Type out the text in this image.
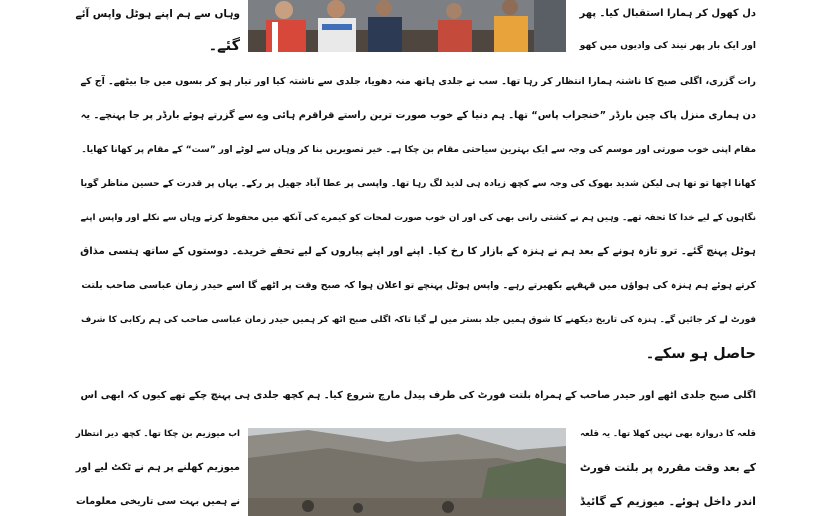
دل کھول کر ہمارا استقبال کیا۔ پھر
اور ایک بار پھر نیند کی وادیوں میں کھو
وہاں سے ہم اپنے ہوٹل واپس آئے
گئے۔
رات گزری، اگلی صبح کا ناشتہ ہمارا انتظار کر رہا تھا۔ سب نے جلدی ہاتھ منہ دھویا، جلدی سے ناشتہ کیا اور تیار ہو کر بسوں میں جا بیٹھے۔ آج کے
دن ہماری منزل پاک چین بارڈر ”خنجراب پاس“ تھا۔ ہم دنیا کے خوب صورت ترین راستے قراقرم ہائی وے سے گزرتے ہوئے بارڈر پر جا پہنچے۔ یہ
مقام اپنی خوب صورتی اور موسم کی وجہ سے ایک بہترین سیاحتی مقام بن چکا ہے۔ خیر تصویریں بنا کر وہاں سے لوٹے اور ”ست“ کے مقام پر کھانا کھایا۔
کھانا اچھا تو تھا ہی لیکن شدید بھوک کی وجہ سے کچھ زیادہ ہی لذیذ لگ رہا تھا۔ واپسی پر عطا آباد جھیل پر رکے۔ یہاں پر قدرت کے حسین مناظر گویا
نگاہوں کے لیے خدا کا تحفہ تھے۔ وہیں ہم نے کشتی رانی بھی کی اور ان خوب صورت لمحات کو کیمرے کی آنکھ میں محفوظ کرتے وہاں سے نکلے اور واپس اپنے
ہوٹل پہنچ گئے۔ ترو تازہ ہونے کے بعد ہم نے ہنزہ کے بازار کا رخ کیا۔ اپنے اور اپنے پیاروں کے لیے تحفے خریدے۔ دوستوں کے ساتھ ہنسی مذاق
کرتے ہوئے ہم ہنزہ کی ہواؤں میں قہقہے بکھیرتے رہے۔ واپس ہوٹل پہنچے تو اعلان ہوا کہ صبح وقت پر اٹھے گا اسے حیدر زمان عباسی صاحب بلتت
فورٹ لے کر جائیں گے۔ ہنزہ کی تاریخ دیکھنے کا شوق ہمیں جلد بستر میں لے گیا تاکہ اگلی صبح اٹھ کر ہمیں حیدر زمان عباسی صاحب کی ہم رکابی کا شرف
حاصل ہو سکے۔
اگلی صبح جلدی اٹھے اور حیدر صاحب کے ہمراہ بلتت فورٹ کی طرف پیدل مارچ شروع کیا۔ ہم کچھ جلدی ہی پہنچ چکے تھے کیوں کہ ابھی اس
قلعہ کا دروازہ بھی نہیں کھلا تھا۔ یہ قلعہ
کے بعد وقت مقررہ پر بلتت فورٹ
اندر داخل ہوئے۔ میوزیم کے گائیڈ
اب میوزیم بن چکا تھا۔ کچھ دیر انتظار
میوزیم کھلنے پر ہم نے ٹکٹ لیے اور
نے ہمیں بہت سی تاریخی معلومات
